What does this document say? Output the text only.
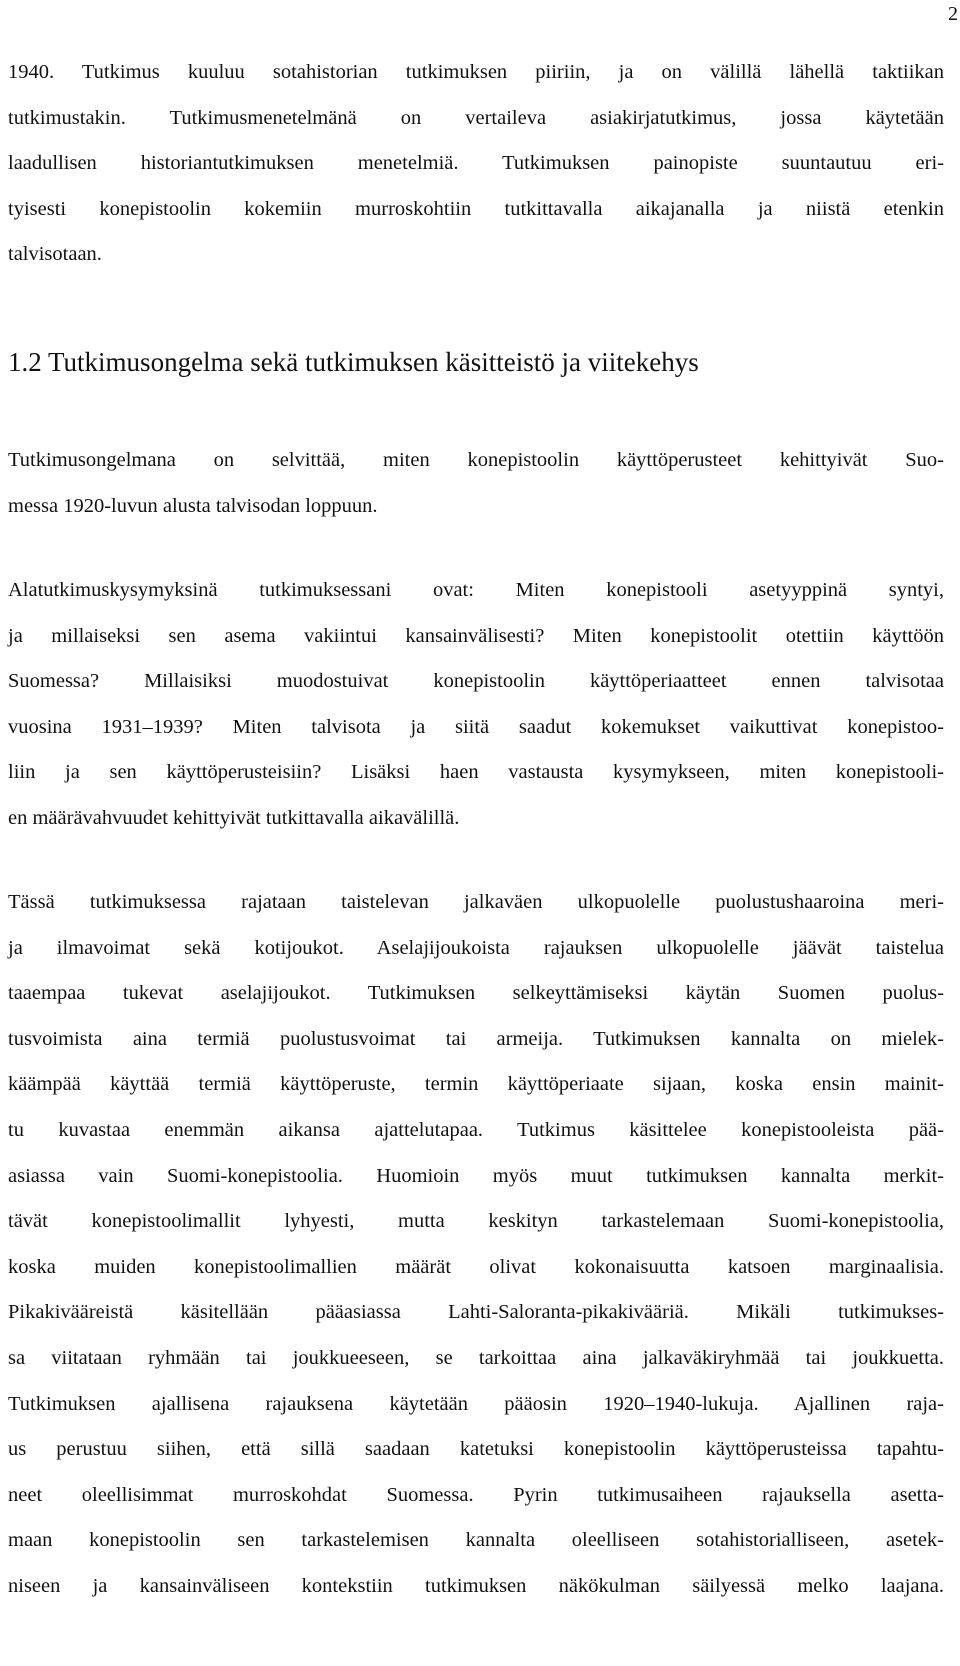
2
1940. Tutkimus kuuluu sotahistorian tutkimuksen piiriin, ja on välillä lähellä taktiikan
tutkimustakin. Tutkimusmenetelmänä on vertaileva asiakirjatutkimus, jossa käytetään
laadullisen historiantutkimuksen menetelmiä. Tutkimuksen painopiste suuntautuu eri-
tyisesti konepistoolin kokemiin murroskohtiin tutkittavalla aikajanalla ja niistä etenkin
talvisotaan.
1.2 Tutkimusongelma sekä tutkimuksen käsitteistö ja viitekehys
Tutkimusongelmana on selvittää, miten konepistoolin käyttöperusteet kehittyivät Suo-
messa 1920-luvun alusta talvisodan loppuun.
Alatutkimuskysymyksinä tutkimuksessani ovat: Miten konepistooli asetyyppinä syntyi,
ja millaiseksi sen asema vakiintui kansainvälisesti? Miten konepistoolit otettiin käyttöön
Suomessa? Millaisiksi muodostuivat konepistoolin käyttöperiaatteet ennen talvisotaa
vuosina 1931–1939? Miten talvisota ja siitä saadut kokemukset vaikuttivat konepistoo-
liin ja sen käyttöperusteisiin? Lisäksi haen vastausta kysymykseen, miten konepistooli-
en määrävahvuudet kehittyivät tutkittavalla aikavälillä.
Tässä tutkimuksessa rajataan taistelevan jalkaväen ulkopuolelle puolustushaaroina meri-
ja ilmavoimat sekä kotijoukot. Aselajijoukoista rajauksen ulkopuolelle jäävät taistelua
taaempaa tukevat aselajijoukot. Tutkimuksen selkeyttämiseksi käytän Suomen puolus-
tusvoimista aina termiä puolustusvoimat tai armeija. Tutkimuksen kannalta on mielek-
käämpää käyttää termiä käyttöperuste, termin käyttöperiaate sijaan, koska ensin mainit-
tu kuvastaa enemmän aikansa ajattelutapaa. Tutkimus käsittelee konepistooleista pää-
asiassa vain Suomi-konepistoolia. Huomioin myös muut tutkimuksen kannalta merkit-
tävät konepistoolimallit lyhyesti, mutta keskityn tarkastelemaan Suomi-konepistoolia,
koska muiden konepistoolimallien määrät olivat kokonaisuutta katsoen marginaalisia.
Pikakivääreistä käsitellään pääasiassa Lahti-Saloranta-pikakivääriä. Mikäli tutkimukses-
sa viitataan ryhmään tai joukkueeseen, se tarkoittaa aina jalkaväkiryhmää tai joukkuetta.
Tutkimuksen ajallisena rajauksena käytetään pääosin 1920–1940-lukuja. Ajallinen raja-
us perustuu siihen, että sillä saadaan katetuksi konepistoolin käyttöperusteissa tapahtu-
neet oleellisimmat murroskohdat Suomessa. Pyrin tutkimusaiheen rajauksella asetta-
maan konepistoolin sen tarkastelemisen kannalta oleelliseen sotahistorialliseen, asetek-
niseen ja kansainväliseen kontekstiin tutkimuksen näkökulman säilyessä melko laajana.
